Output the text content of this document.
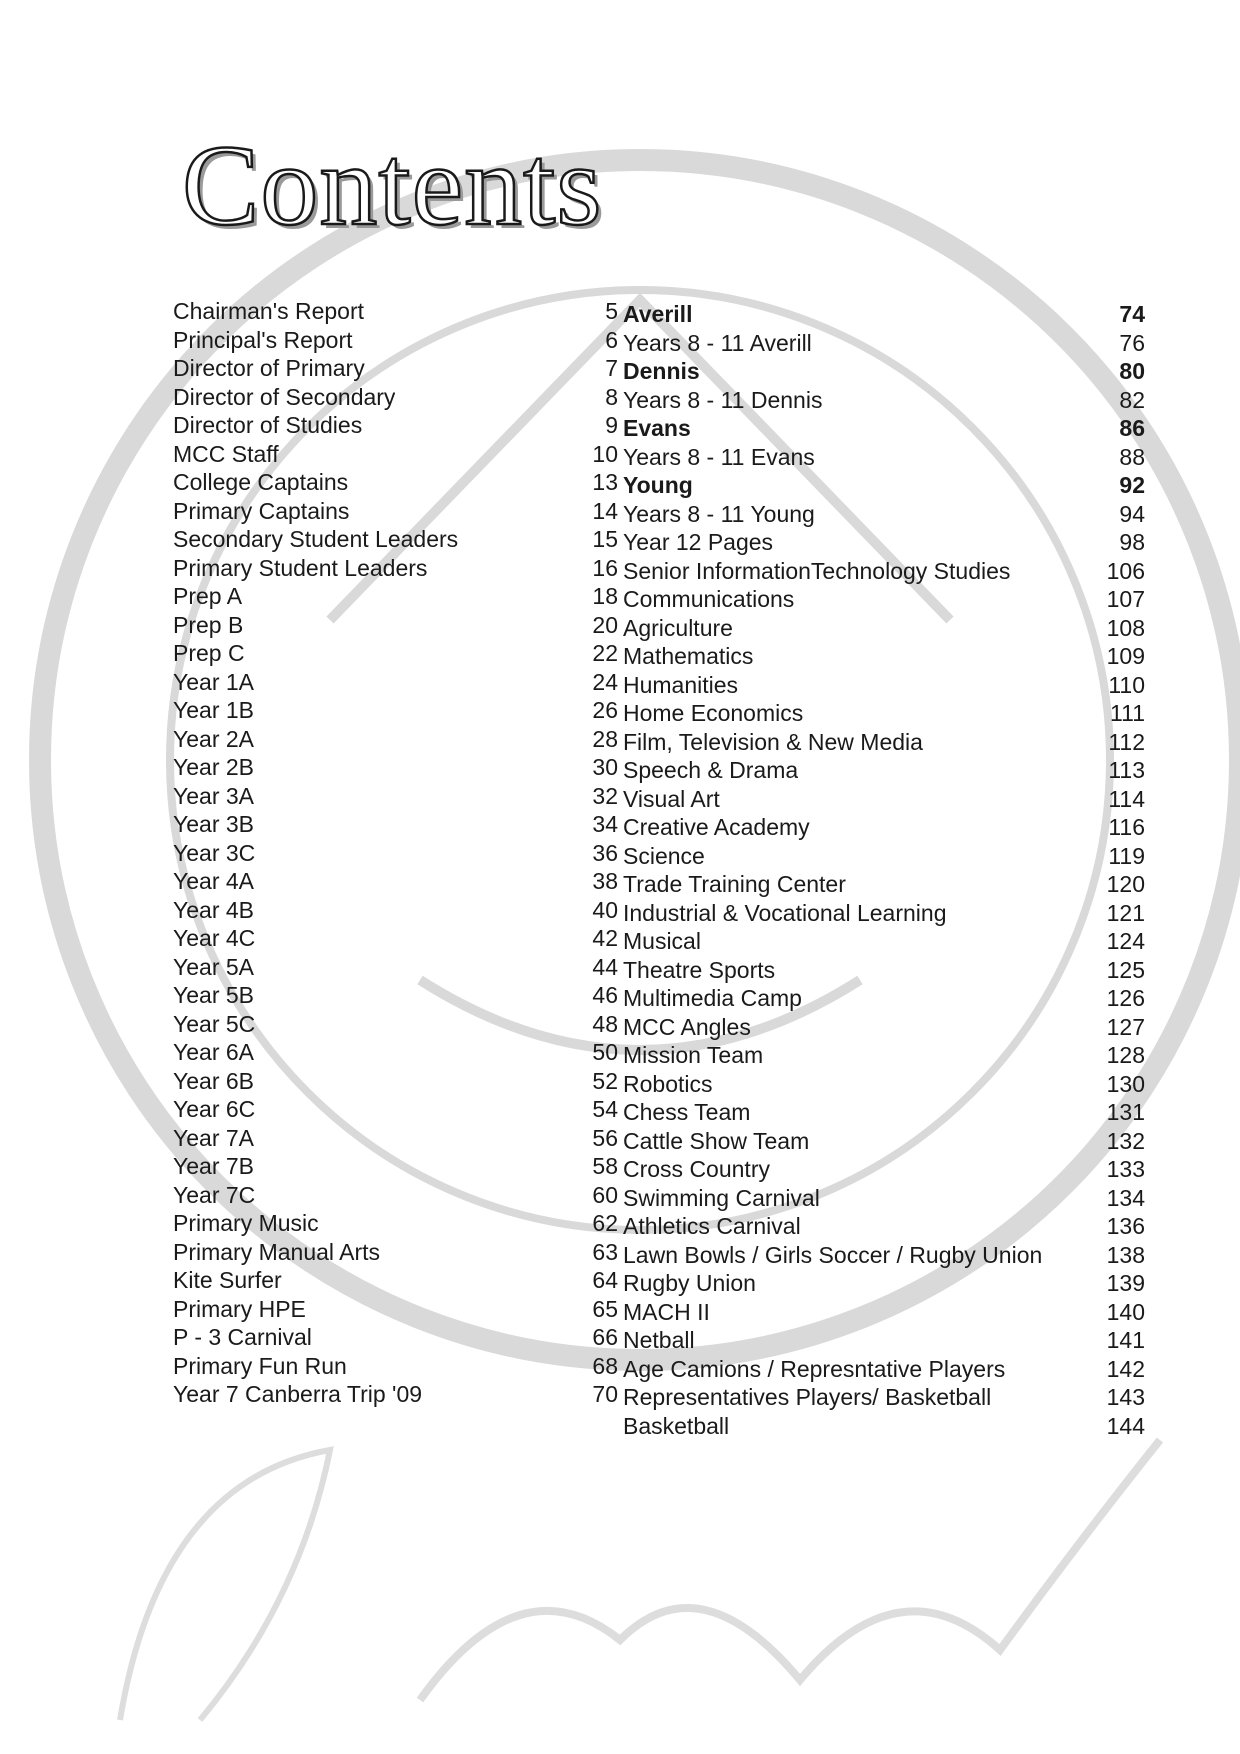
Contents
Chairman's Report	5
Principal's Report	6
Director of Primary	7
Director of Secondary	8
Director of Studies	9
MCC Staff	10
College Captains	13
Primary Captains	14
Secondary Student Leaders	15
Primary Student Leaders	16
Prep A	18
Prep B	20
Prep C	22
Year 1A	24
Year 1B	26
Year 2A	28
Year 2B	30
Year 3A	32
Year 3B	34
Year 3C	36
Year 4A	38
Year 4B	40
Year 4C	42
Year 5A	44
Year 5B	46
Year 5C	48
Year 6A	50
Year 6B	52
Year 6C	54
Year 7A	56
Year 7B	58
Year 7C	60
Primary Music	62
Primary Manual Arts	63
Kite Surfer	64
Primary HPE	65
P - 3 Carnival	66
Primary Fun Run	68
Year 7 Canberra Trip '09	70
Averill	74
Years 8 - 11 Averill	76
Dennis	80
Years 8 - 11 Dennis	82
Evans	86
Years 8 - 11 Evans	88
Young	92
Years 8 - 11 Young	94
Year 12 Pages	98
Senior InformationTechnology Studies	106
Communications	107
Agriculture	108
Mathematics	109
Humanities	110
Home Economics	111
Film, Television & New Media	112
Speech & Drama	113
Visual Art	114
Creative Academy	116
Science	119
Trade Training Center	120
Industrial & Vocational Learning	121
Musical	124
Theatre Sports	125
Multimedia Camp	126
MCC Angles	127
Mission Team	128
Robotics	130
Chess Team	131
Cattle Show Team	132
Cross Country	133
Swimming Carnival	134
Athletics Carnival	136
Lawn Bowls / Girls Soccer / Rugby Union	138
Rugby Union	139
MACH II	140
Netball	141
Age Camions / Represntative Players	142
Representatives Players/ Basketball	143
Basketball	144
